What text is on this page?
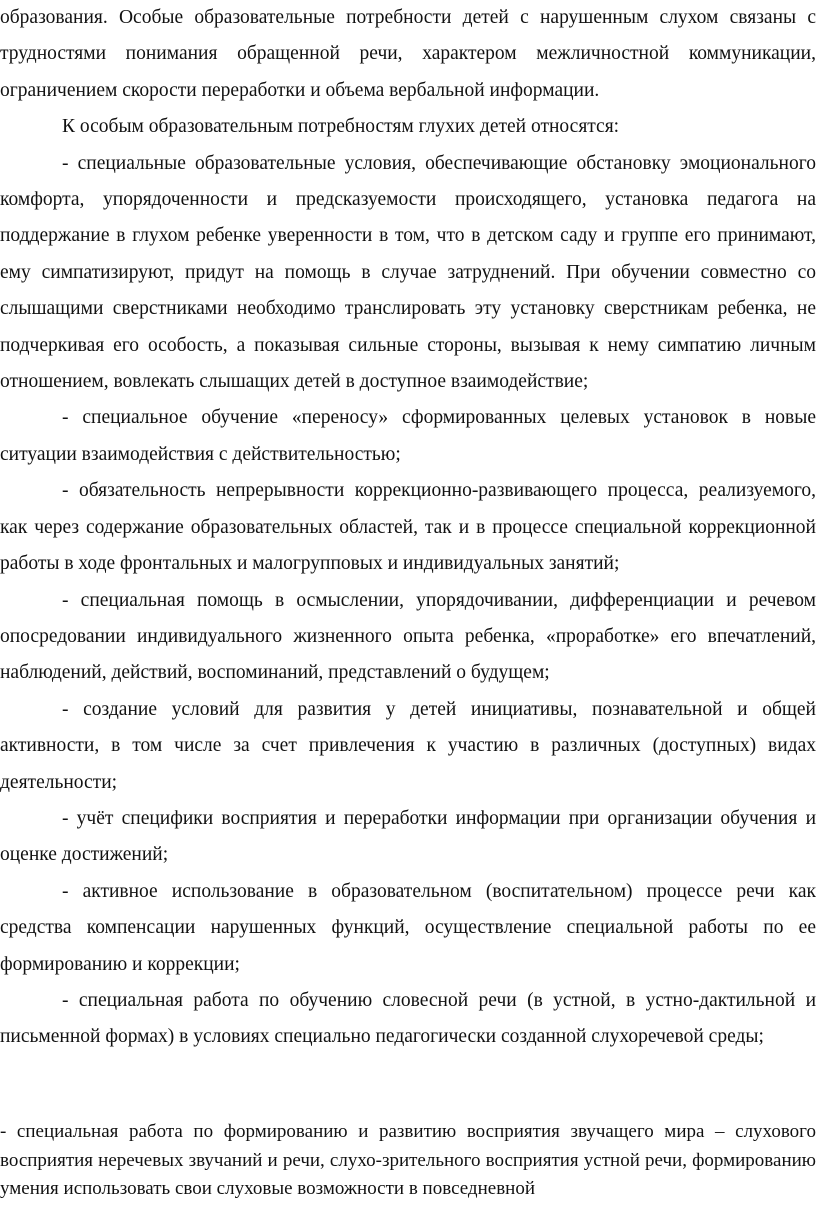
образования. Особые образовательные потребности детей с нарушенным слухом связаны с трудностями понимания обращенной речи, характером межличностной коммуникации, ограничением скорости переработки и объема вербальной информации.

К особым образовательным потребностям глухих детей относятся:

- специальные образовательные условия, обеспечивающие обстановку эмоционального комфорта, упорядоченности и предсказуемости происходящего, установка педагога на поддержание в глухом ребенке уверенности в том, что в детском саду и группе его принимают, ему симпатизируют, придут на помощь в случае затруднений. При обучении совместно со слышащими сверстниками необходимо транслировать эту установку сверстникам ребенка, не подчеркивая его особость, а показывая сильные стороны, вызывая к нему симпатию личным отношением, вовлекать слышащих детей в доступное взаимодействие;

- специальное обучение «переносу» сформированных целевых установок в новые ситуации взаимодействия с действительностью;

- обязательность непрерывности коррекционно-развивающего процесса, реализуемого, как через содержание образовательных областей, так и в процессе специальной коррекционной работы в ходе фронтальных и малогрупповых и индивидуальных занятий;

- специальная помощь в осмыслении, упорядочивании, дифференциации и речевом опосредовании индивидуального жизненного опыта ребенка, «проработке» его впечатлений, наблюдений, действий, воспоминаний, представлений о будущем;

- создание условий для развития у детей инициативы, познавательной и общей активности, в том числе за счет привлечения к участию в различных (доступных) видах деятельности;

- учёт специфики восприятия и переработки информации при организации обучения и оценке достижений;

- активное использование в образовательном (воспитательном) процессе речи как средства компенсации нарушенных функций, осуществление специальной работы по ее формированию и коррекции;

- специальная работа по обучению словесной речи (в устной, в устно-дактильной и письменной формах) в условиях специально педагогически созданной слухоречевой среды;

- специальная работа по формированию и развитию восприятия звучащего мира – слухового восприятия неречевых звучаний и речи, слухо-зрительного восприятия устной речи, формированию умения использовать свои слуховые возможности в повседневной
